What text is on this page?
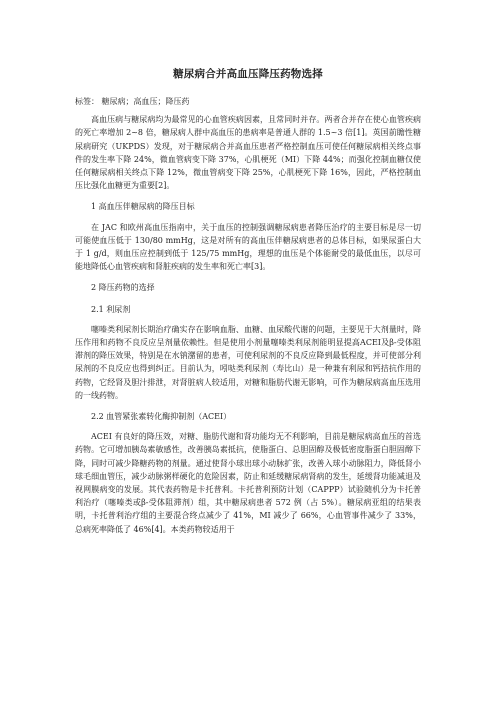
糖尿病合并高血压降压药物选择

标签： 糖尿病；高血压；降压药

高血压病与糖尿病均为最常见的心血管疾病因素，且常同时并存。两者合并存在使心血管疾病的死亡率增加 2~8 倍，糖尿病人群中高血压的患病率是普通人群的 1.5~3 倍[1]。英国前瞻性糖尿病研究（UKPDS）发现，对于糖尿病合并高血压患者严格控制血压可使任何糖尿病相关终点事件的发生率下降 24%，微血管病变下降 37%，心肌梗死（MI）下降 44%；而强化控制血糖仅使任何糖尿病相关终点下降 12%，微血管病变下降 25%，心肌梗死下降 16%，因此，严格控制血压比强化血糖更为重要[2]。

1 高血压伴糖尿病的降压目标

在 JAC 和欧州高血压指南中，关于血压的控制强调糖尿病患者降压治疗的主要目标是尽一切可能使血压低于 130/80 mmHg，这是对所有的高血压伴糖尿病患者的总体目标，如果尿蛋白大于 1 g/d，则血压应控制到低于 125/75 mmHg，理想的血压是个体能耐受的最低血压，以尽可能地降低心血管疾病和肾脏疾病的发生率和死亡率[3]。

2 降压药物的选择

2.1 利尿剂

噻嗪类利尿剂长期治疗确实存在影响血脂、血糖、血尿酸代谢的问题，主要见于大剂量时，降压作用和药物不良反应呈剂量依赖性。但是使用小剂量噻嗪类利尿剂能明显提高ACEI及β-受体阻滞剂的降压效果，特别是在水钠潴留的患者，可使利尿剂的不良反应降到最低程度，并可使部分利尿剂的不良反应也得到纠正。目前认为，吲哒类利尿剂（寿比山）是一种兼有利尿和钙拮抗作用的药物，它经肾及胆汁排泄，对肾脏病人较适用，对糖和脂肪代谢无影响，可作为糖尿病高血压选用的一线药物。

2.2 血管紧张素转化酶抑制剂（ACEI）

ACEI 有良好的降压效，对糖、脂肪代谢和肾功能均无不利影响，目前是糖尿病高血压的首选药物。它可增加胰岛素敏感性，改善胰岛素抵抗，使脂蛋白、总胆固醇及极低密度脂蛋白胆固醇下降，同时可减少降糖药物的剂量。通过使肾小球出球小动脉扩张，改善入球小动脉阻力，降低肾小球毛细血管压，减少动脉粥样硬化的危险因素，防止和延缓糖尿病肾病的发生，延缓肾功能减退及视网膜病变的发展。其代表药物是卡托普利。卡托普利预防计划（CAPPP）试验随机分为卡托普利治疗（噻嗪类或β-受体阻滞剂）组，其中糖尿病患者 572 例（占 5%）。糖尿病亚组的结果表明，卡托普利治疗组的主要混合终点减少了 41%，MI 减少了 66%，心血管事件减少了 33%，总病死率降低了 46%[4]。本类药物较适用于
